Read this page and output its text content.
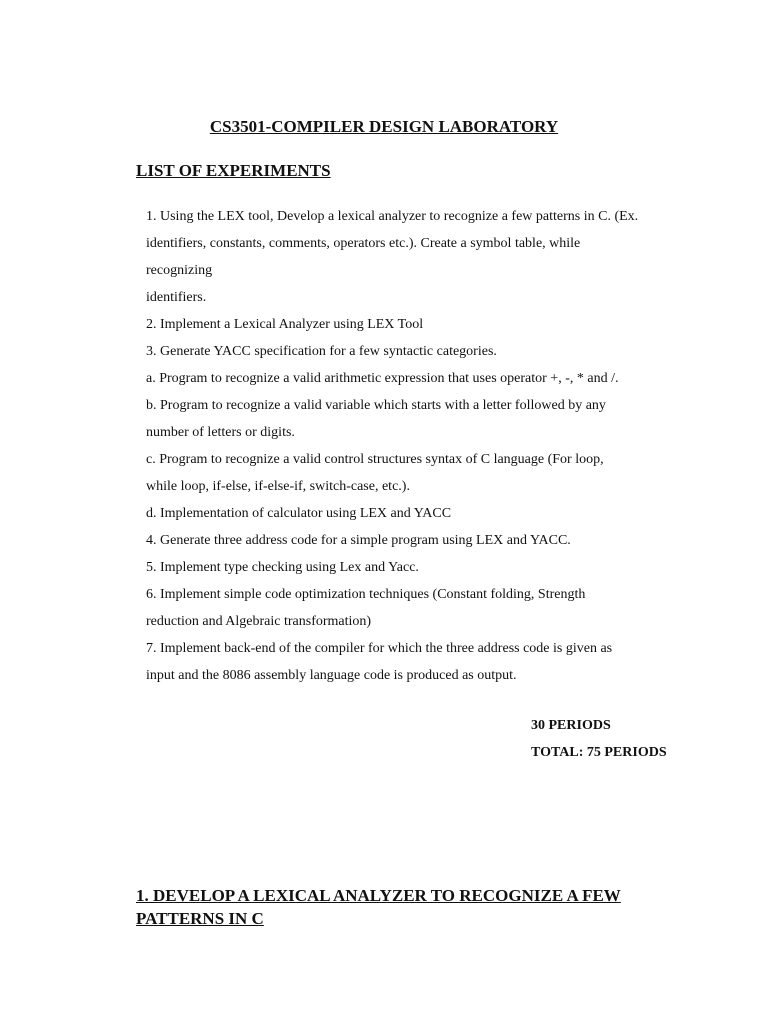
CS3501-COMPILER DESIGN LABORATORY
LIST OF EXPERIMENTS
1. Using the LEX tool, Develop a lexical analyzer to recognize a few patterns in C. (Ex.
identifiers, constants, comments, operators etc.). Create a symbol table, while
recognizing
identifiers.
2. Implement a Lexical Analyzer using LEX Tool
3. Generate YACC specification for a few syntactic categories.
a. Program to recognize a valid arithmetic expression that uses operator +, -, * and /.
b. Program to recognize a valid variable which starts with a letter followed by any
number of letters or digits.
c. Program to recognize a valid control structures syntax of C language (For loop,
while loop, if-else, if-else-if, switch-case, etc.).
d. Implementation of calculator using LEX and YACC
4. Generate three address code for a simple program using LEX and YACC.
5. Implement type checking using Lex and Yacc.
6. Implement simple code optimization techniques (Constant folding, Strength
reduction and Algebraic transformation)
7. Implement back-end of the compiler for which the three address code is given as
input and the 8086 assembly language code is produced as output.
30 PERIODS
TOTAL: 75 PERIODS
1. DEVELOP A LEXICAL ANALYZER TO RECOGNIZE A FEW
PATTERNS IN C
